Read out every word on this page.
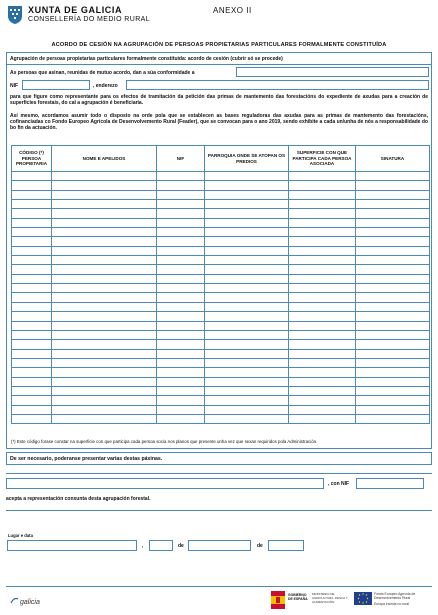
XUNTA DE GALICIA
CONSELLERÍA DO MEDIO RURAL
ANEXO II
ACORDO DE CESIÓN NA AGRUPACIÓN DE PERSOAS PROPIETARIAS PARTICULARES FORMALMENTE CONSTITUÍDA
Agrupación de persoas propietarias particulares formalmente constituída: acordo de cesión (cubrir só se procede)
As persoas que asinan, reunidas de mutuo acordo, dan a súa conformidade a
NIF	, enderezo
para que figure como representante para os efectos de tramitación da petición das primas de mantemento das forestacións do expediente de axudas para a creación de superficies forestais, do cal a agrupación é beneficiaria.
Así mesmo, acordamos asumir todo o disposto na orde pola que se establecen as bases reguladoras das axudas para as primas de mantemento das forestacións, cofinanciadas co Fondo Europeo Agrícola de Desenvolvemento Rural (Feader), que se convocan para o ano 2019, sendo exhibite a cada un/unha de nós a responsabilidade do bo fin da actuación.
CÓDIGO (*) PERSOA PROPIETARIA	NOME E APELIDOS	NIF	PARROQUIA ONDE SE ATOPAN OS PREDIOS	SUPERFICIE CON QUE PARTICIPA CADA PERSOA ASOCIADA	SINATURA

(*) Este código forase constar na superficie con que participa cada persoa socia nos planos que presente unha vez que sexan requiridos pola Administración.
De ser necesario, poderanse presentar varias destas páxinas.
, con NIF
acepta a representación conxunta desta agrupación forestal.
Lugar e data
,	de	de
galicia
GOBIERNO DE ESPAÑA
MINISTERIO DE AGRICULTURA, PESCA Y ALIMENTACIÓN
Fondo Europeo Agrícola de Desenvolvemento Rural
Europa investe no rural
